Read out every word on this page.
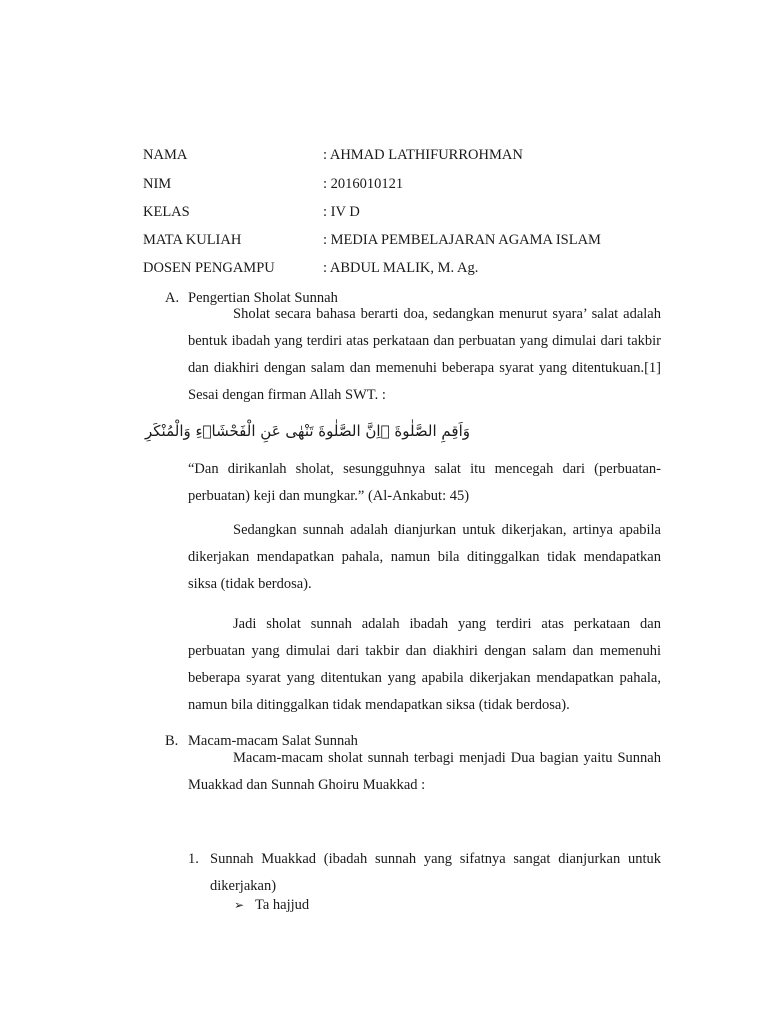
NAMA	: AHMAD LATHIFURROHMAN
NIM	: 2016010121
KELAS	: IV D
MATA KULIAH	: MEDIA PEMBELAJARAN AGAMA ISLAM
DOSEN PENGAMPU	: ABDUL MALIK, M. Ag.
A. Pengertian Sholat Sunnah

Sholat secara bahasa berarti doa, sedangkan menurut syara’ salat adalah bentuk ibadah yang terdiri atas perkataan dan perbuatan yang dimulai dari takbir dan diakhiri dengan salam dan memenuhi beberapa syarat yang ditentukuan.[1] Sesai dengan firman Allah SWT. :

وَاَقِمِ الصَّلٰوةَ ۗاِنَّ الصَّلٰوةَ تَنْهٰى عَنِ الْفَحْشَاۤءِ وَالْمُنْكَرِ

“Dan dirikanlah sholat, sesungguhnya salat itu mencegah dari (perbuatan-perbuatan) keji dan mungkar.” (Al-Ankabut: 45)

Sedangkan sunnah adalah dianjurkan untuk dikerjakan, artinya apabila dikerjakan mendapatkan pahala, namun bila ditinggalkan tidak mendapatkan siksa (tidak berdosa).

Jadi sholat sunnah adalah ibadah yang terdiri atas perkataan dan perbuatan yang dimulai dari takbir dan diakhiri dengan salam dan memenuhi beberapa syarat yang ditentukan yang apabila dikerjakan mendapatkan pahala, namun bila ditinggalkan tidak mendapatkan siksa (tidak berdosa).

B. Macam-macam Salat Sunnah

Macam-macam sholat sunnah terbagi menjadi Dua bagian yaitu Sunnah Muakkad dan Sunnah Ghoiru Muakkad :

1. Sunnah Muakkad (ibadah sunnah yang sifatnya sangat dianjurkan untuk dikerjakan)

➢ Ta hajjud
